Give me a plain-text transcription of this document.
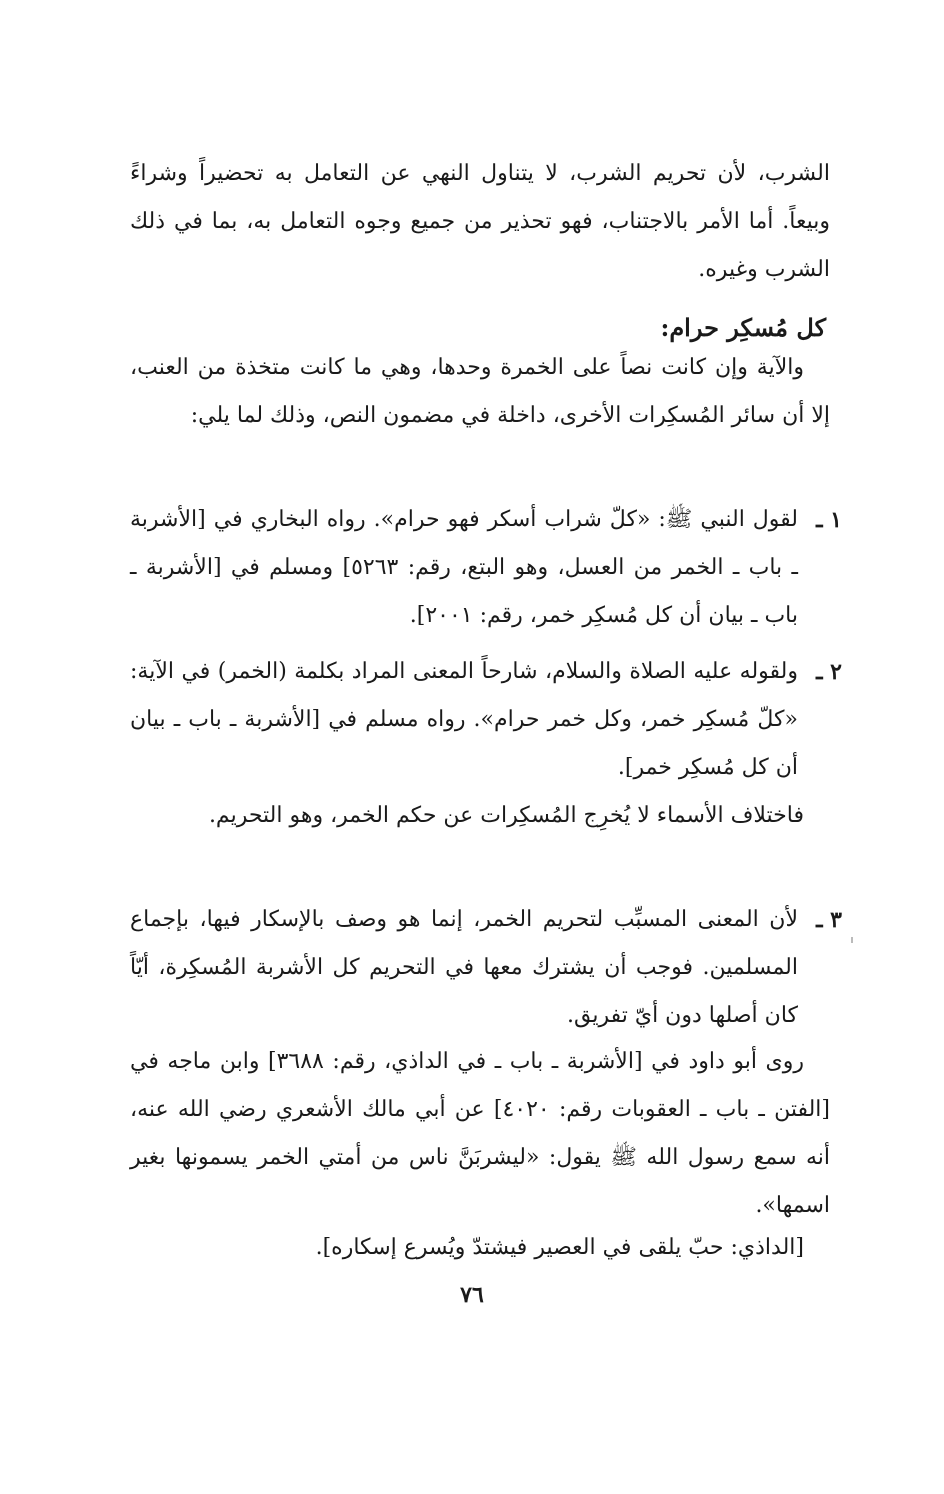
الشرب، لأن تحريم الشرب، لا يتناول النهي عن التعامل به تحضيراً وشراءً وبيعاً. أما الأمر بالاجتناب، فهو تحذير من جميع وجوه التعامل به، بما في ذلك الشرب وغيره.

كل مُسكِر حرام:

والآية وإن كانت نصاً على الخمرة وحدها، وهي ما كانت متخذة من العنب، إلا أن سائر المُسكِرات الأخرى، داخلة في مضمون النص، وذلك لما يلي:

١ ـ
لقول النبي ﷺ: «كلّ شراب أسكر فهو حرام». رواه البخاري في [الأشربة ـ باب ـ الخمر من العسل، وهو البتع، رقم: ٥٢٦٣] ومسلم في [الأشربة ـ باب ـ بيان أن كل مُسكِر خمر، رقم: ٢٠٠١].
٢ ـ
ولقوله عليه الصلاة والسلام، شارحاً المعنى المراد بكلمة (الخمر) في الآية: «كلّ مُسكِر خمر، وكل خمر حرام». رواه مسلم في [الأشربة ـ باب ـ بيان أن كل مُسكِر خمر].

فاختلاف الأسماء لا يُخرِج المُسكِرات عن حكم الخمر، وهو التحريم.

٣ ـ
لأن المعنى المسبِّب لتحريم الخمر، إنما هو وصف بالإسكار فيها، بإجماع المسلمين. فوجب أن يشترك معها في التحريم كل الأشربة المُسكِرة، أيّاً كان أصلها دون أيّ تفريق.

روى أبو داود في [الأشربة ـ باب ـ في الداذي، رقم: ٣٦٨٨] وابن ماجه في [الفتن ـ باب ـ العقوبات رقم: ٤٠٢٠] عن أبي مالك الأشعري رضي الله عنه، أنه سمع رسول الله ﷺ يقول: «ليشربَنَّ ناس من أمتي الخمر يسمونها بغير اسمها».

[الداذي: حبّ يلقى في العصير فيشتدّ ويُسرع إسكاره].

٧٦
